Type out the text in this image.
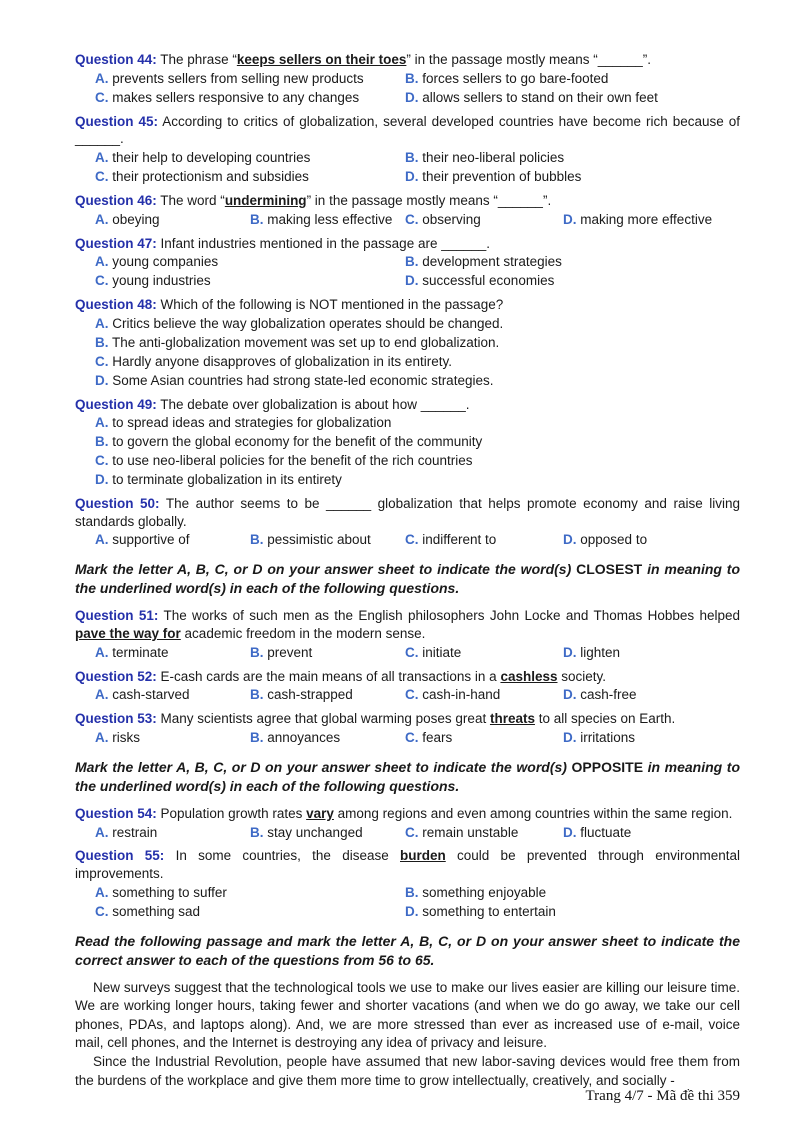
Question 44: The phrase “keeps sellers on their toes” in the passage mostly means “______”.

A. prevents sellers from selling new products	B. forces sellers to go bare-footed
C. makes sellers responsive to any changes	D. allows sellers to stand on their own feet

Question 45: According to critics of globalization, several developed countries have become rich because of ______.

A. their help to developing countries	B. their neo-liberal policies
C. their protectionism and subsidies	D. their prevention of bubbles

Question 46: The word “undermining” in the passage mostly means “______”.

A. obeying	B. making less effective C. observing	D. making more effective

Question 47: Infant industries mentioned in the passage are ______.

A. young companies	B. development strategies
C. young industries	D. successful economies

Question 48: Which of the following is NOT mentioned in the passage?

A. Critics believe the way globalization operates should be changed.
B. The anti-globalization movement was set up to end globalization.
C. Hardly anyone disapproves of globalization in its entirety.
D. Some Asian countries had strong state-led economic strategies.

Question 49: The debate over globalization is about how ______.

A. to spread ideas and strategies for globalization
B. to govern the global economy for the benefit of the community
C. to use neo-liberal policies for the benefit of the rich countries
D. to terminate globalization in its entirety

Question 50: The author seems to be ______ globalization that helps promote economy and raise living standards globally.

A. supportive of	B. pessimistic about	C. indifferent to	D. opposed to

Mark the letter A, B, C, or D on your answer sheet to indicate the word(s) CLOSEST in meaning to the underlined word(s) in each of the following questions.

Question 51: The works of such men as the English philosophers John Locke and Thomas Hobbes helped pave the way for academic freedom in the modern sense.

A. terminate	B. prevent	C. initiate	D. lighten

Question 52: E-cash cards are the main means of all transactions in a cashless society.

A. cash-starved	B. cash-strapped	C. cash-in-hand	D. cash-free

Question 53: Many scientists agree that global warming poses great threats to all species on Earth.

A. risks	B. annoyances	C. fears	D. irritations

Mark the letter A, B, C, or D on your answer sheet to indicate the word(s) OPPOSITE in meaning to the underlined word(s) in each of the following questions.

Question 54: Population growth rates vary among regions and even among countries within the same region.

A. restrain	B. stay unchanged	C. remain unstable	D. fluctuate

Question 55: In some countries, the disease burden could be prevented through environmental improvements.

A. something to suffer	B. something enjoyable
C. something sad	D. something to entertain

Read the following passage and mark the letter A, B, C, or D on your answer sheet to indicate the correct answer to each of the questions from 56 to 65.

New surveys suggest that the technological tools we use to make our lives easier are killing our leisure time. We are working longer hours, taking fewer and shorter vacations (and when we do go away, we take our cell phones, PDAs, and laptops along). And, we are more stressed than ever as increased use of e-mail, voice mail, cell phones, and the Internet is destroying any idea of privacy and leisure.

Since the Industrial Revolution, people have assumed that new labor-saving devices would free them from the burdens of the workplace and give them more time to grow intellectually, creatively, and socially -

Trang 4/7 - Mã đề thi 359
